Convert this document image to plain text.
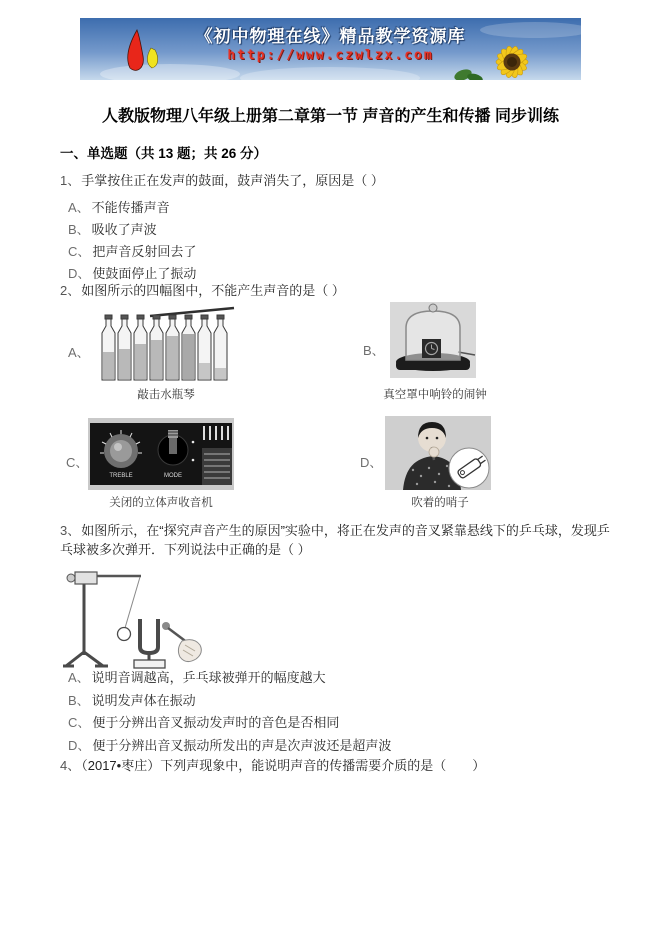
《初中物理在线》精品教学资源库
http://www.czwlzx.com
人教版物理八年级上册第二章第一节 声音的产生和传播 同步训练
一、单选题（共 13 题；共 26 分）
1、手掌按住正在发声的鼓面，鼓声消失了，原因是（ ）
A、 不能传播声音
B、 吸收了声波
C、 把声音反射回去了
D、 使鼓面停止了振动
2、如图所示的四幅图中，不能产生声音的是（ ）
A、
敲击水瓶琴
B、
真空罩中响铃的闹钟
C、
TREBLE	MODE
关闭的立体声收音机
D、
吹着的哨子
3、如图所示，在“探究声音产生的原因”实验中，将正在发声的音叉紧靠悬线下的乒乓球，发现乒乓球被多次弹开．下列说法中正确的是（ ）
A、 说明音调越高，乒乓球被弹开的幅度越大
B、 说明发声体在振动
C、 便于分辨出音叉振动发声时的音色是否相同
D、 便于分辨出音叉振动所发出的声是次声波还是超声波
4、（2017•枣庄）下列声现象中，能说明声音的传播需要介质的是（　　）
